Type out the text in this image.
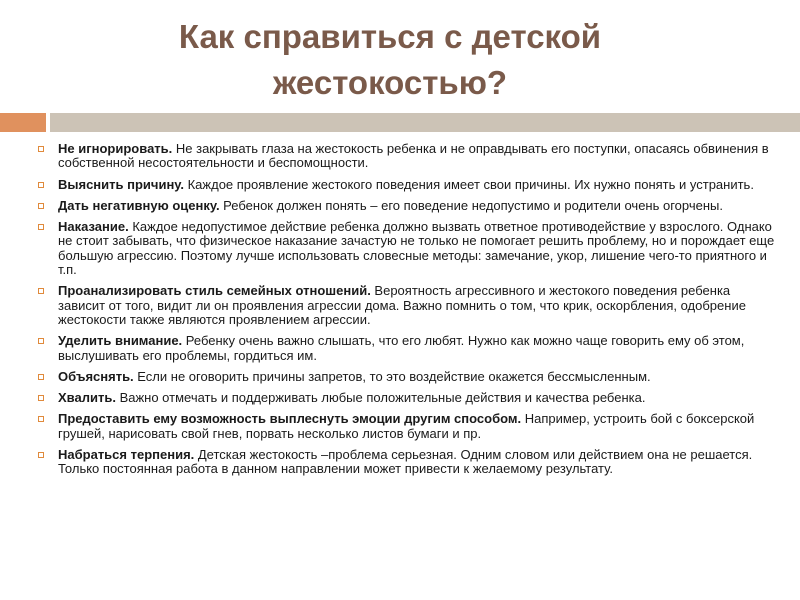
Как справиться с детской жестокостью?
Не игнорировать. Не закрывать глаза на жестокость ребенка и не оправдывать его поступки, опасаясь обвинения в собственной несостоятельности и беспомощности.
Выяснить причину. Каждое проявление жестокого поведения имеет свои причины. Их нужно понять и устранить.
Дать негативную оценку. Ребенок должен понять – его поведение недопустимо и родители очень огорчены.
Наказание. Каждое недопустимое действие ребенка должно вызвать ответное противодействие у взрослого. Однако не стоит забывать, что физическое наказание зачастую не только не помогает решить проблему, но и порождает еще большую агрессию. Поэтому лучше использовать словесные методы: замечание, укор, лишение чего-то приятного и т.п.
Проанализировать стиль семейных отношений. Вероятность агрессивного и жестокого поведения ребенка зависит от того, видит ли он проявления агрессии дома. Важно помнить о том, что крик, оскорбления, одобрение жестокости также являются проявлением агрессии.
Уделить внимание. Ребенку очень важно слышать, что его любят. Нужно как можно чаще говорить ему об этом, выслушивать его проблемы, гордиться им.
Объяснять. Если не оговорить причины запретов, то это воздействие окажется бессмысленным.
Хвалить. Важно отмечать и поддерживать любые положительные действия и качества ребенка.
Предоставить ему возможность выплеснуть эмоции другим способом. Например, устроить бой с боксерской грушей, нарисовать свой гнев, порвать несколько листов бумаги и пр.
Набраться терпения. Детская жестокость –проблема серьезная. Одним словом или действием она не решается. Только постоянная работа в данном направлении может привести к желаемому результату.
